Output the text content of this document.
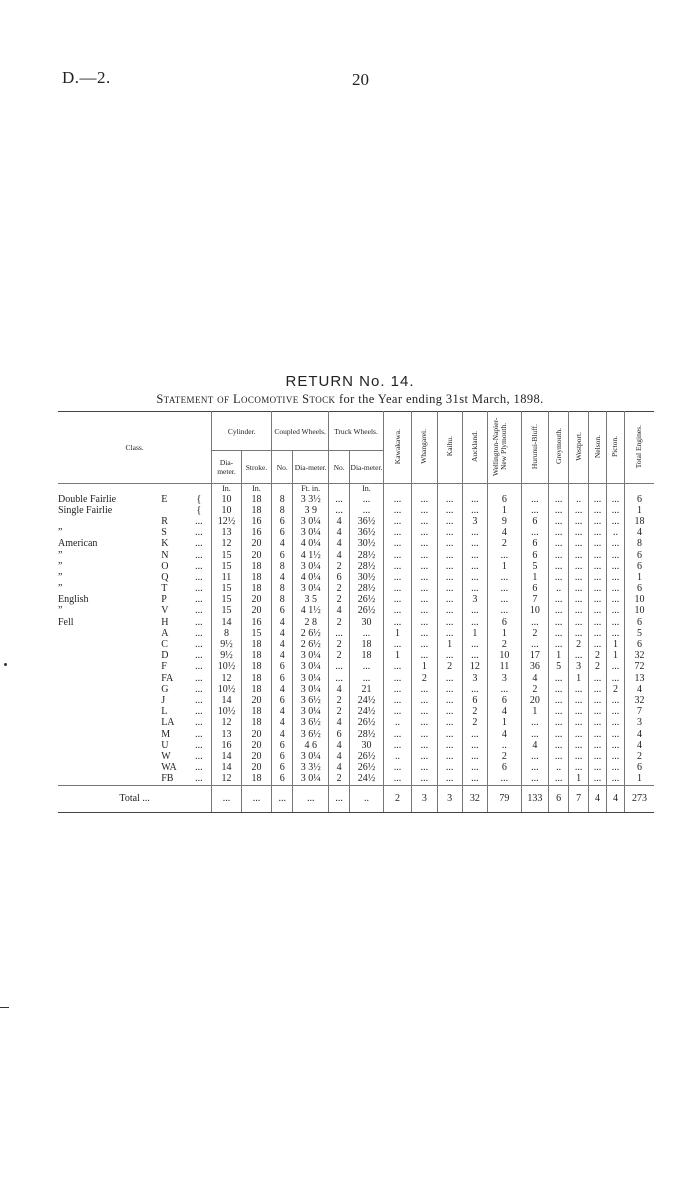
D.—2.	20
RETURN No. 14.
Statement of Locomotive Stock for the Year ending 31st March, 1898.
Class.			Cylinder.		Coupled Wheels.		Truck Wheels.		Kawakawa.	Whangarei.	Kaihu.	Auckland.	Wellington-Napier-New Plymouth.	Hurunui-Bluff.	Greymouth.	Westport.	Nelson.	Picton.	Total Engines.
			Dia-meter.	Stroke.	No.	Dia-meter.	No.	Dia-meter.											
			In.	In.		Ft. in.		In.											
Double Fairlie	E	{	10	18	8	3 3½	...	...	...	...	...	...	6	...	...	..	...	...	6
Single Fairlie		{	10	18	8	3 9	...	...	...	...	...	...	1	...	...	...	...	...	1
	R	...	12½	16	6	3 0¼	4	36½	...	...	...	3	9	6	...	...	...	...	18
”	S	...	13	16	6	3 0¼	4	36½	...	...	...	...	4	...	...	...	...	..	4
American	K	...	12	20	4	4 0¼	4	30½	...	...	...	...	2	6	...	...	...	...	8
”	N	...	15	20	6	4 1½	4	28½	...	...	...	...	...	6	...	...	...	...	6
”	O	...	15	18	8	3 0¼	2	28½	...	...	...	...	1	5	...	...	...	...	6
”	Q	...	11	18	4	4 0¼	6	30½	...	...	...	...	...	1	...	...	...	...	1
”	T	...	15	18	8	3 0¼	2	28½	...	...	...	...	...	6	..	...	...	...	6
English	P	...	15	20	8	3 5	2	26½	...	...	...	3	...	7	...	...	...	...	10
”	V	...	15	20	6	4 1½	4	26½	...	...	...	...	...	10	...	...	...	...	10
Fell	H	...	14	16	4	2 8	2	30	...	...	...	...	6	...	...	...	...	...	6
	A	...	8	15	4	2 6½	...	...	1	...	...	1	1	2	...	...	...	...	5
	C	...	9½	18	4	2 6½	2	18	...	...	1	...	2	...	...	2	...	1	6
	D	...	9½	18	4	3 0¼	2	18	1	...	...	...	10	17	1	...	2	1	32
	F	...	10½	18	6	3 0¼	...	...	...	1	2	12	11	36	5	3	2	...	72
	FA	...	12	18	6	3 0¼	...	...	...	2	...	3	3	4	...	1	...	...	13
	G	...	10½	18	4	3 0¼	4	21	...	...	...	...	...	2	...	...	...	2	4
	J	...	14	20	6	3 6½	2	24½	...	...	...	6	6	20	...	...	...	...	32
	L	...	10½	18	4	3 0¼	2	24½	...	...	...	2	4	1	...	...	...	...	7
	LA	...	12	18	4	3 6½	4	26½	..	...	...	2	1	...	...	...	...	...	3
	M	...	13	20	4	3 6½	6	28½	...	...	...	...	4	...	...	...	...	...	4
	U	...	16	20	6	4 6	4	30	...	...	...	...	..	4	...	...	...	...	4
	W	...	14	20	6	3 0¼	4	26½	..	...	...	...	2	...	...	...	...	...	2
	WA	...	14	20	6	3 3½	4	26½	...	...	...	...	6	...	..	...	...	...	6
	FB	...	12	18	6	3 0¼	2	24½	...	...	...	...	...	...	...	1	...	...	1
Total ...			...	...	...	...	...	..	2	3	3	32	79	133	6	7	4	4	273
